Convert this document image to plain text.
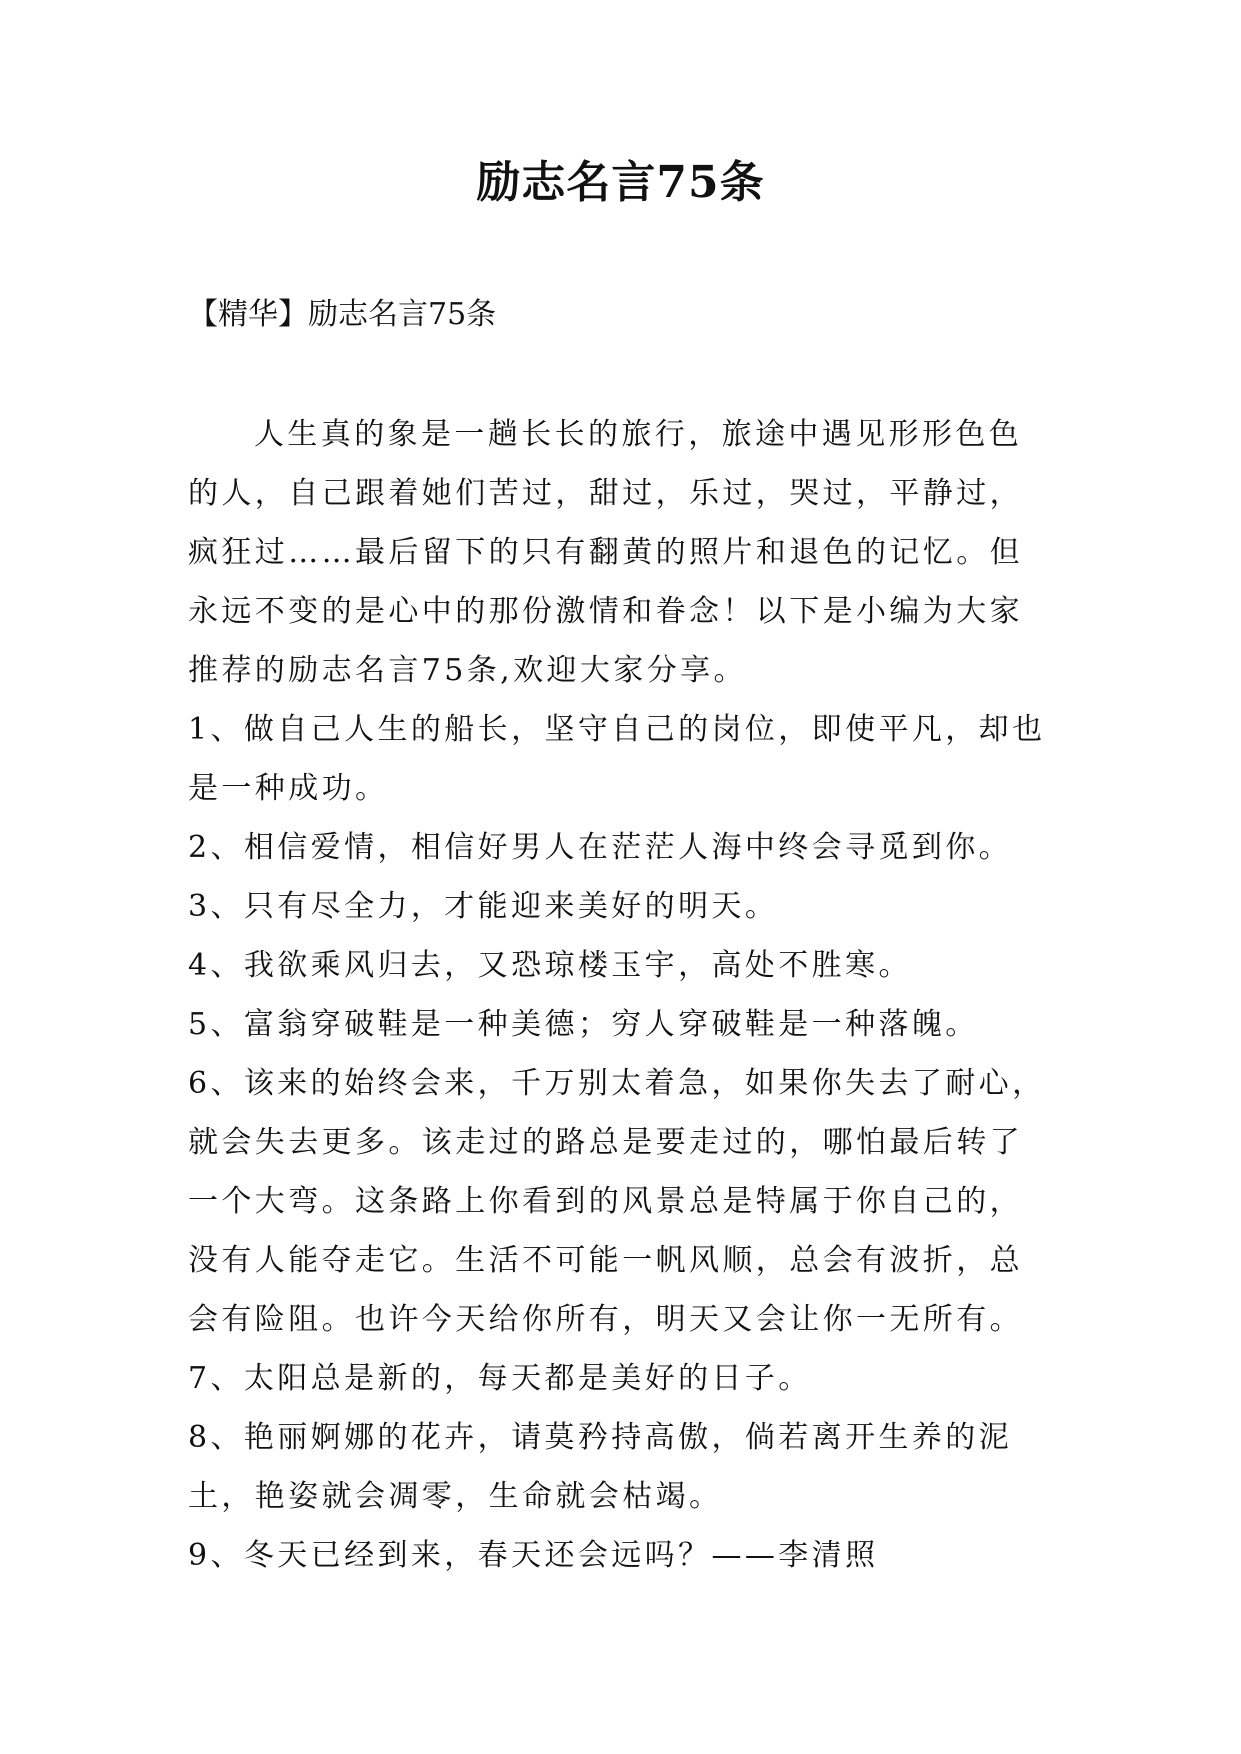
励志名言75条
【精华】励志名言75条

人生真的象是一趟长长的旅行，旅途中遇见形形色色的人，自己跟着她们苦过，甜过，乐过，哭过，平静过，疯狂过……最后留下的只有翻黄的照片和退色的记忆。但永远不变的是心中的那份激情和眷念！以下是小编为大家推荐的励志名言75条,欢迎大家分享。

1、做自己人生的船长，坚守自己的岗位，即使平凡，却也是一种成功。

2、相信爱情，相信好男人在茫茫人海中终会寻觅到你。

3、只有尽全力，才能迎来美好的明天。

4、我欲乘风归去，又恐琼楼玉宇，高处不胜寒。

5、富翁穿破鞋是一种美德；穷人穿破鞋是一种落魄。

6、该来的始终会来，千万别太着急，如果你失去了耐心，就会失去更多。该走过的路总是要走过的，哪怕最后转了一个大弯。这条路上你看到的风景总是特属于你自己的，没有人能夺走它。生活不可能一帆风顺，总会有波折，总会有险阻。也许今天给你所有，明天又会让你一无所有。

7、太阳总是新的，每天都是美好的日子。

8、艳丽婀娜的花卉，请莫矜持高傲，倘若离开生养的泥土，艳姿就会凋零，生命就会枯竭。

9、冬天已经到来，春天还会远吗？——李清照
